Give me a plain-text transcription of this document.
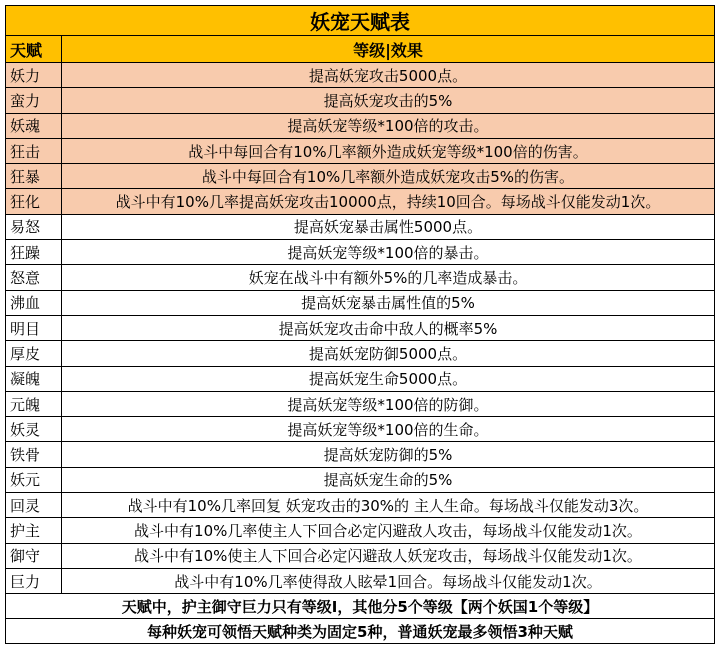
妖宠天赋表	
天赋	等级|效果
妖力	提高妖宠攻击5000点。
蛮力	提高妖宠攻击的5%
妖魂	提高妖宠等级*100倍的攻击。
狂击	战斗中每回合有10%几率额外造成妖宠等级*100倍的伤害。
狂暴	战斗中每回合有10%几率额外造成妖宠攻击5%的伤害。
狂化	战斗中有10%几率提高妖宠攻击10000点，持续10回合。每场战斗仅能发动1次。
易怒	提高妖宠暴击属性5000点。
狂躁	提高妖宠等级*100倍的暴击。
怒意	妖宠在战斗中有额外5%的几率造成暴击。
沸血	提高妖宠暴击属性值的5%
明目	提高妖宠攻击命中敌人的概率5%
厚皮	提高妖宠防御5000点。
凝魄	提高妖宠生命5000点。
元魄	提高妖宠等级*100倍的防御。
妖灵	提高妖宠等级*100倍的生命。
铁骨	提高妖宠防御的5%
妖元	提高妖宠生命的5%
回灵	战斗中有10%几率回复 妖宠攻击的30%的 主人生命。每场战斗仅能发动3次。
护主	战斗中有10%几率使主人下回合必定闪避敌人攻击，每场战斗仅能发动1次。
御守	战斗中有10%使主人下回合必定闪避敌人妖宠攻击，每场战斗仅能发动1次。
巨力	战斗中有10%几率使得敌人眩晕1回合。每场战斗仅能发动1次。
天赋中，护主御守巨力只有等级I，其他分5个等级【两个妖国1个等级】	
每种妖宠可领悟天赋种类为固定5种，普通妖宠最多领悟3种天赋	
